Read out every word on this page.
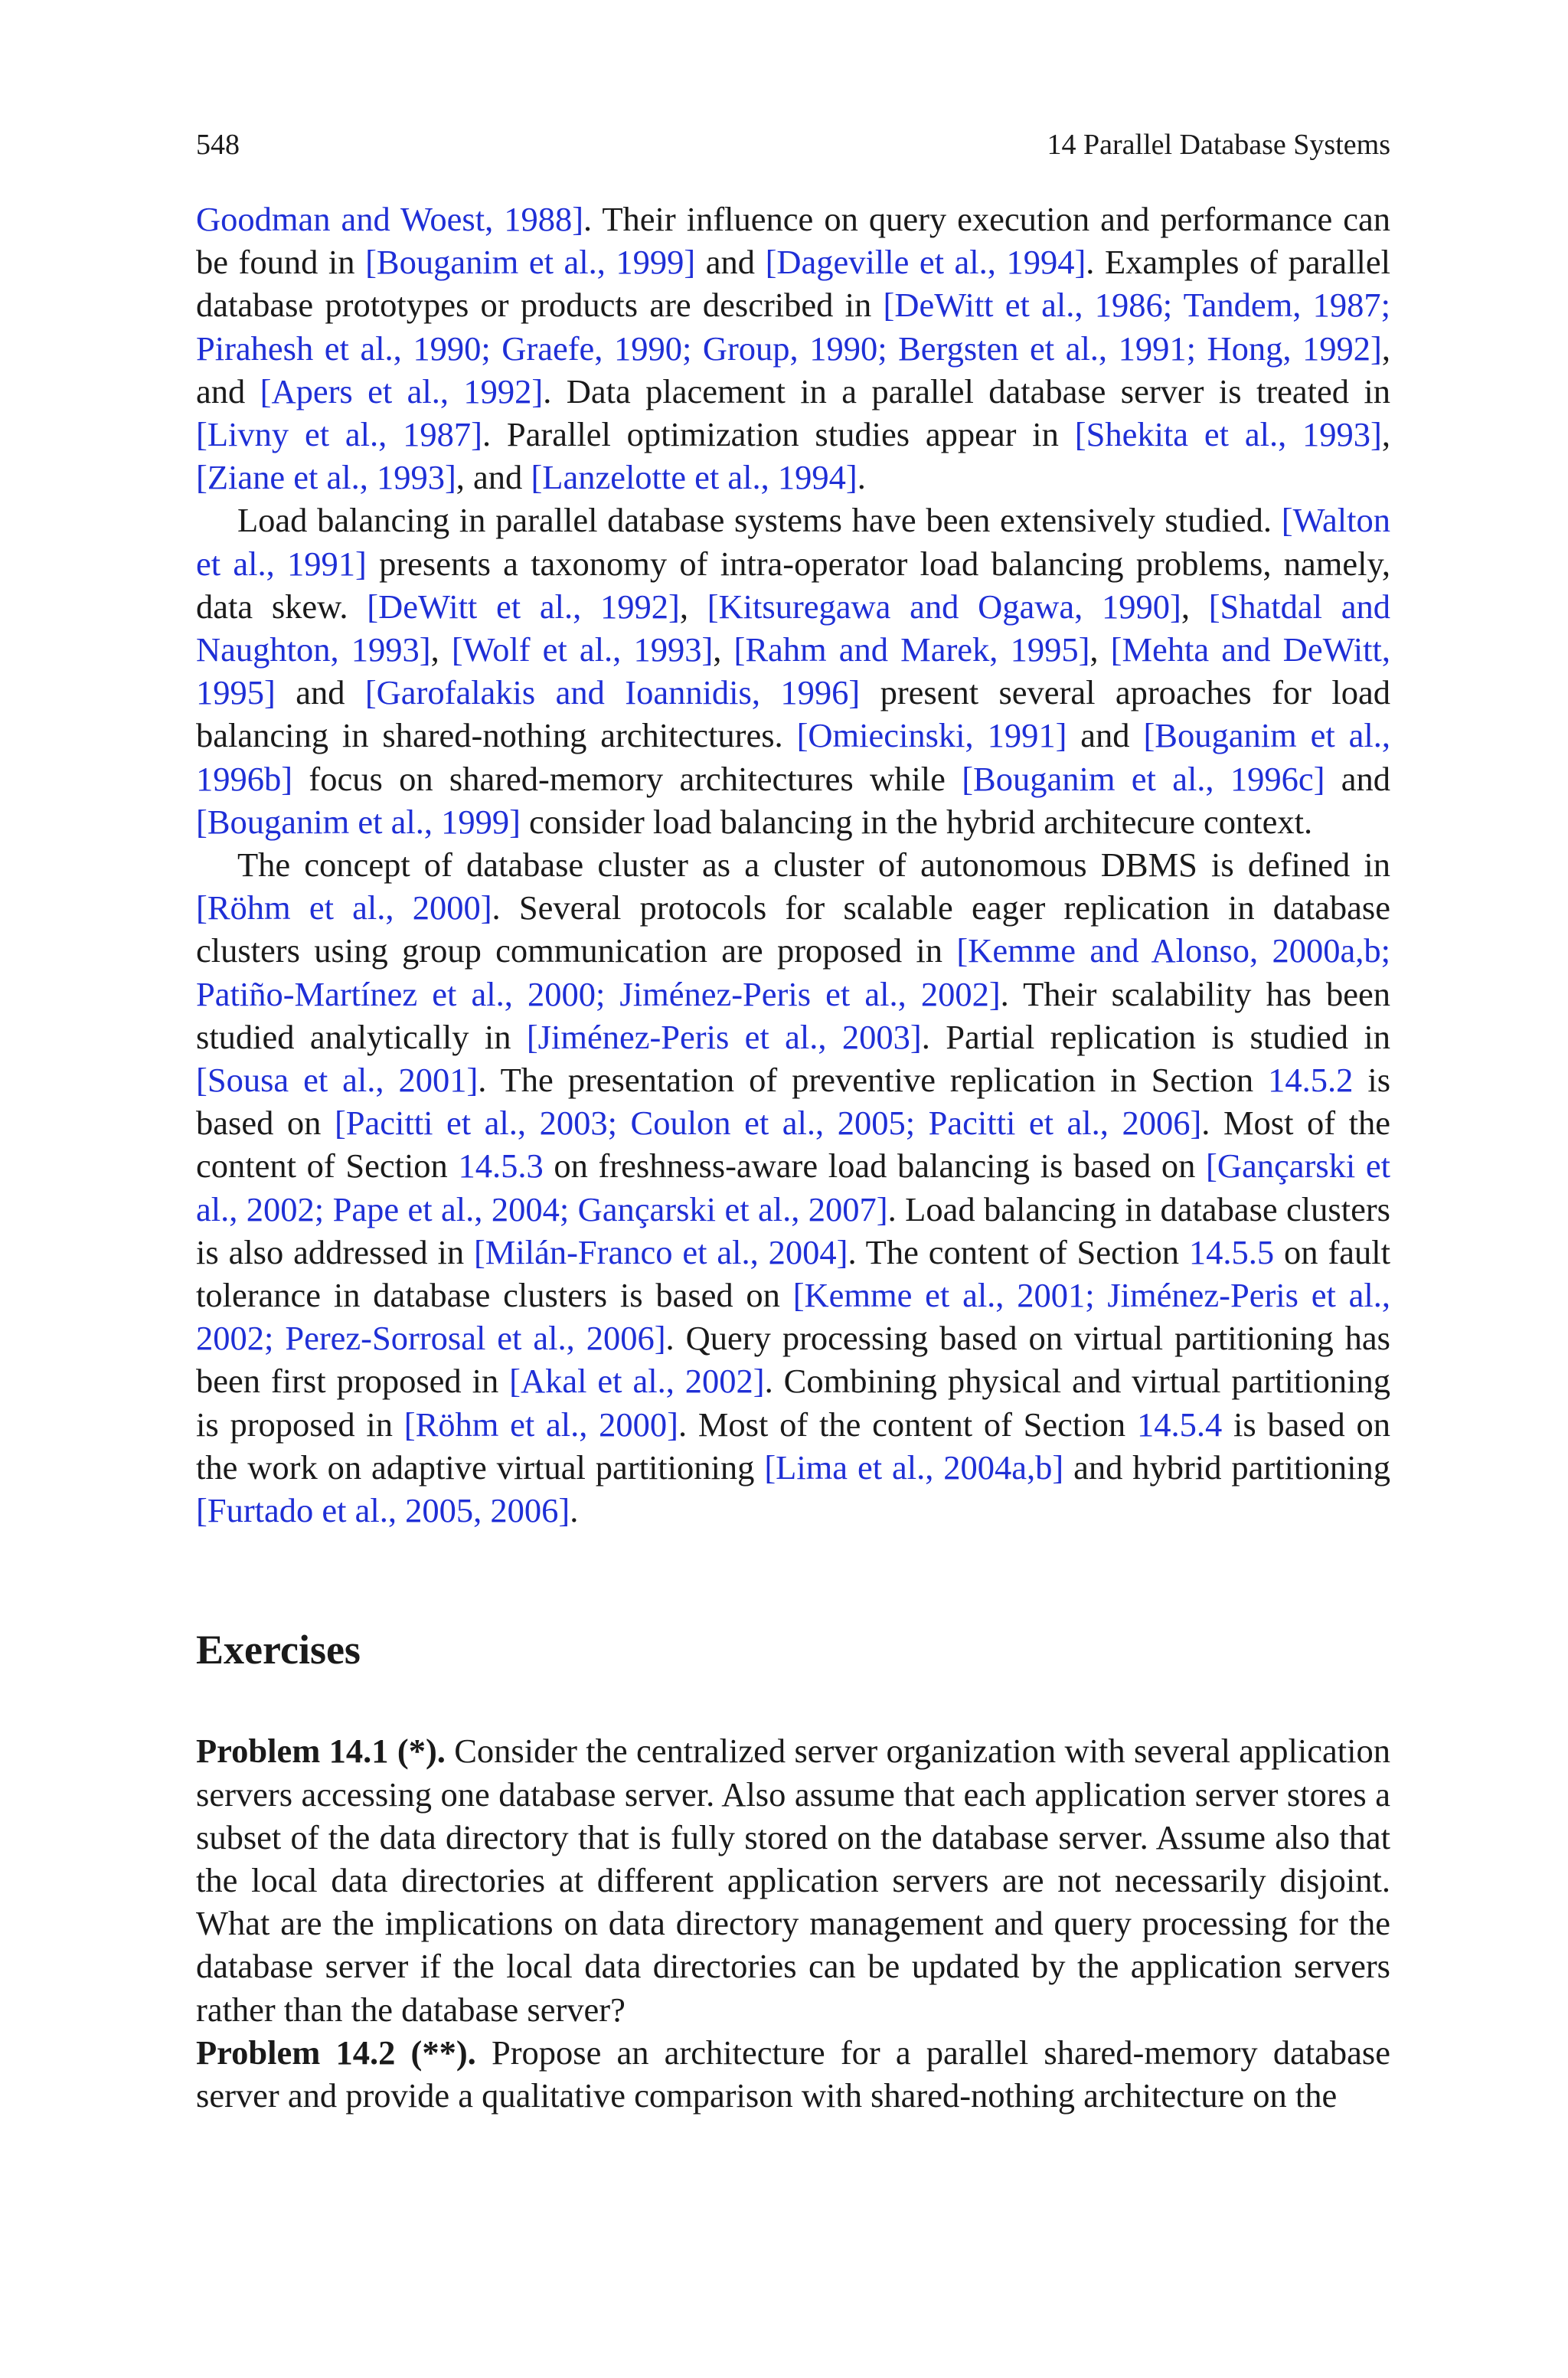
548	14 Parallel Database Systems

Goodman and Woest, 1988]. Their influence on query execution and performance can be found in [Bouganim et al., 1999] and [Dageville et al., 1994]. Examples of parallel database prototypes or products are described in [DeWitt et al., 1986; Tandem, 1987; Pirahesh et al., 1990; Graefe, 1990; Group, 1990; Bergsten et al., 1991; Hong, 1992], and [Apers et al., 1992]. Data placement in a parallel database server is treated in [Livny et al., 1987]. Parallel optimization studies appear in [Shekita et al., 1993], [Ziane et al., 1993], and [Lanzelotte et al., 1994].

Load balancing in parallel database systems have been extensively studied. [Walton et al., 1991] presents a taxonomy of intra-operator load balancing problems, namely, data skew. [DeWitt et al., 1992], [Kitsuregawa and Ogawa, 1990], [Shatdal and Naughton, 1993], [Wolf et al., 1993], [Rahm and Marek, 1995], [Mehta and DeWitt, 1995] and [Garofalakis and Ioannidis, 1996] present several aproaches for load balancing in shared-nothing architectures. [Omiecinski, 1991] and [Bouganim et al., 1996b] focus on shared-memory architectures while [Bouganim et al., 1996c] and [Bouganim et al., 1999] consider load balancing in the hybrid architecure context.

The concept of database cluster as a cluster of autonomous DBMS is defined in [Röhm et al., 2000]. Several protocols for scalable eager replication in database clusters using group communication are proposed in [Kemme and Alonso, 2000a,b; Patiño-Martínez et al., 2000; Jiménez-Peris et al., 2002]. Their scalability has been studied analytically in [Jiménez-Peris et al., 2003]. Partial replication is studied in [Sousa et al., 2001]. The presentation of preventive replication in Section 14.5.2 is based on [Pacitti et al., 2003; Coulon et al., 2005; Pacitti et al., 2006]. Most of the content of Section 14.5.3 on freshness-aware load balancing is based on [Gançarski et al., 2002; Pape et al., 2004; Gançarski et al., 2007]. Load balancing in database clusters is also addressed in [Milán-Franco et al., 2004]. The content of Section 14.5.5 on fault tolerance in database clusters is based on [Kemme et al., 2001; Jiménez-Peris et al., 2002; Perez-Sorrosal et al., 2006]. Query processing based on virtual partitioning has been first proposed in [Akal et al., 2002]. Combining physical and virtual partitioning is proposed in [Röhm et al., 2000]. Most of the content of Section 14.5.4 is based on the work on adaptive virtual partitioning [Lima et al., 2004a,b] and hybrid partitioning [Furtado et al., 2005, 2006].

Exercises

Problem 14.1 (*). Consider the centralized server organization with several application servers accessing one database server. Also assume that each application server stores a subset of the data directory that is fully stored on the database server. Assume also that the local data directories at different application servers are not necessarily disjoint. What are the implications on data directory management and query processing for the database server if the local data directories can be updated by the application servers rather than the database server?

Problem 14.2 (**). Propose an architecture for a parallel shared-memory database server and provide a qualitative comparison with shared-nothing architecture on the
